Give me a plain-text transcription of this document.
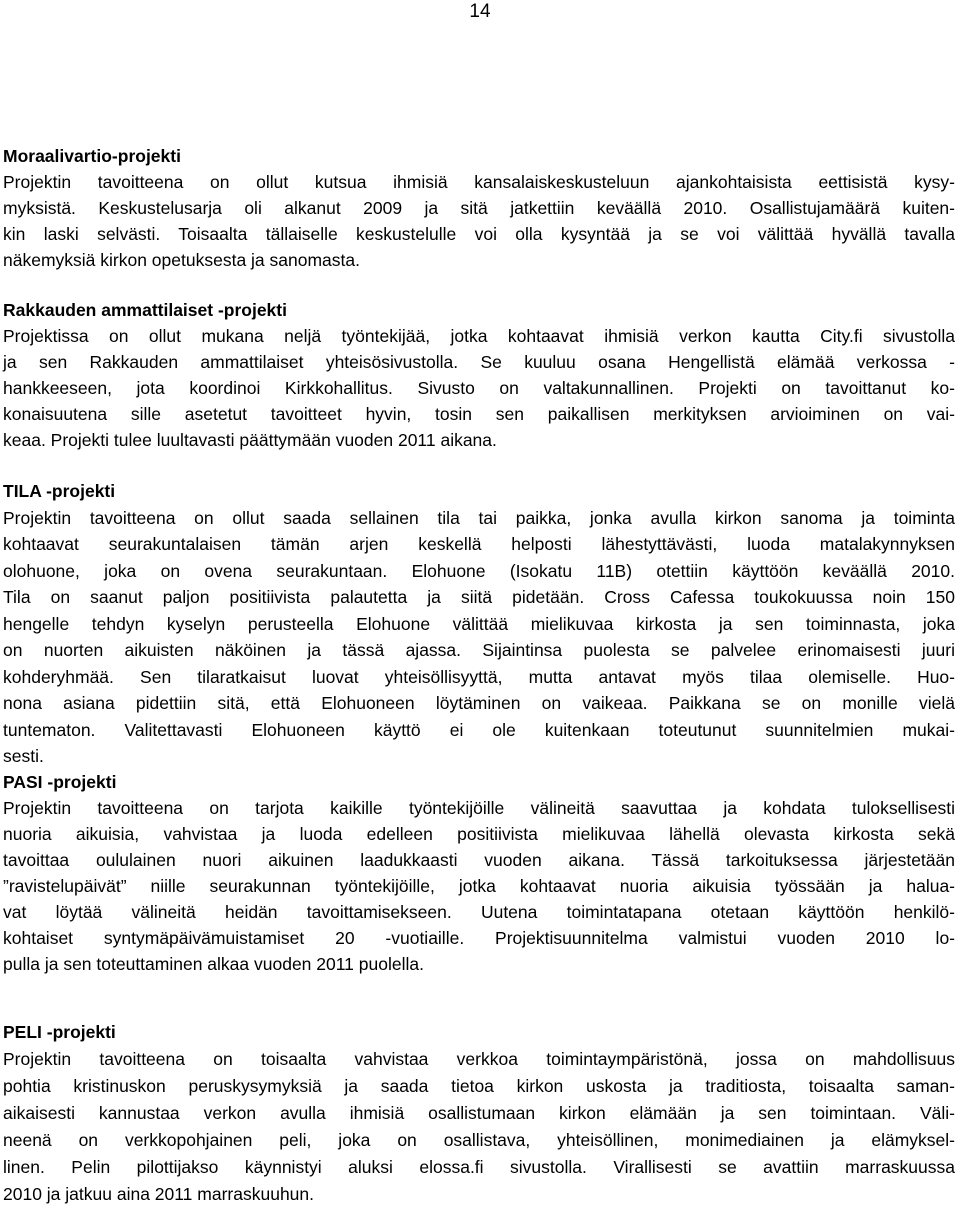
14
Moraalivartio-projekti
Projektin tavoitteena on ollut kutsua ihmisiä kansalaiskeskusteluun ajankohtaisista eettisistä kysy-
myksistä. Keskustelusarja oli alkanut 2009 ja sitä jatkettiin keväällä 2010. Osallistujamäärä kuiten-
kin laski selvästi. Toisaalta tällaiselle keskustelulle voi olla kysyntää ja se voi välittää hyvällä tavalla
näkemyksiä kirkon opetuksesta ja sanomasta.
Rakkauden ammattilaiset -projekti
Projektissa on ollut mukana neljä työntekijää, jotka kohtaavat ihmisiä verkon kautta City.fi sivustolla
ja sen Rakkauden ammattilaiset yhteisösivustolla. Se kuuluu osana Hengellistä elämää verkossa -
hankkeeseen, jota koordinoi Kirkkohallitus. Sivusto on valtakunnallinen. Projekti on tavoittanut ko-
konaisuutena sille asetetut tavoitteet hyvin, tosin sen paikallisen merkityksen arvioiminen on vai-
keaa. Projekti tulee luultavasti päättymään vuoden 2011 aikana.
TILA -projekti
Projektin tavoitteena on ollut saada sellainen tila tai paikka, jonka avulla kirkon sanoma ja toiminta
kohtaavat seurakuntalaisen tämän arjen keskellä helposti lähestyttävästi, luoda matalakynnyksen
olohuone, joka on ovena seurakuntaan. Elohuone (Isokatu 11B) otettiin käyttöön keväällä 2010.
Tila on saanut paljon positiivista palautetta ja siitä pidetään. Cross Cafessa toukokuussa noin 150
hengelle tehdyn kyselyn perusteella Elohuone välittää mielikuvaa kirkosta ja sen toiminnasta, joka
on nuorten aikuisten näköinen ja tässä ajassa. Sijaintinsa puolesta se palvelee erinomaisesti juuri
kohderyhmää. Sen tilaratkaisut luovat yhteisöllisyyttä, mutta antavat myös tilaa olemiselle. Huo-
nona asiana pidettiin sitä, että Elohuoneen löytäminen on vaikeaa. Paikkana se on monille vielä
tuntematon. Valitettavasti Elohuoneen käyttö ei ole kuitenkaan toteutunut suunnitelmien mukai-
sesti.
PASI -projekti
Projektin tavoitteena on tarjota kaikille työntekijöille välineitä saavuttaa ja kohdata tuloksellisesti
nuoria aikuisia, vahvistaa ja luoda edelleen positiivista mielikuvaa lähellä olevasta kirkosta sekä
tavoittaa oululainen nuori aikuinen laadukkaasti vuoden aikana. Tässä tarkoituksessa järjestetään
”ravistelupäivät” niille seurakunnan työntekijöille, jotka kohtaavat nuoria aikuisia työssään ja halua-
vat löytää välineitä heidän tavoittamisekseen. Uutena toimintatapana otetaan käyttöön henkilö-
kohtaiset syntymäpäivämuistamiset 20 -vuotiaille. Projektisuunnitelma valmistui vuoden 2010 lo-
pulla ja sen toteuttaminen alkaa vuoden 2011 puolella.
PELI -projekti
Projektin tavoitteena on toisaalta vahvistaa verkkoa toimintaympäristönä, jossa on mahdollisuus
pohtia kristinuskon peruskysymyksiä ja saada tietoa kirkon uskosta ja traditiosta, toisaalta saman-
aikaisesti kannustaa verkon avulla ihmisiä osallistumaan kirkon elämään ja sen toimintaan. Väli-
neenä on verkkopohjainen peli, joka on osallistava, yhteisöllinen, monimediainen ja elämyksel-
linen. Pelin pilottijakso käynnistyi aluksi elossa.fi sivustolla. Virallisesti se avattiin marraskuussa
2010 ja jatkuu aina 2011 marraskuuhun.
